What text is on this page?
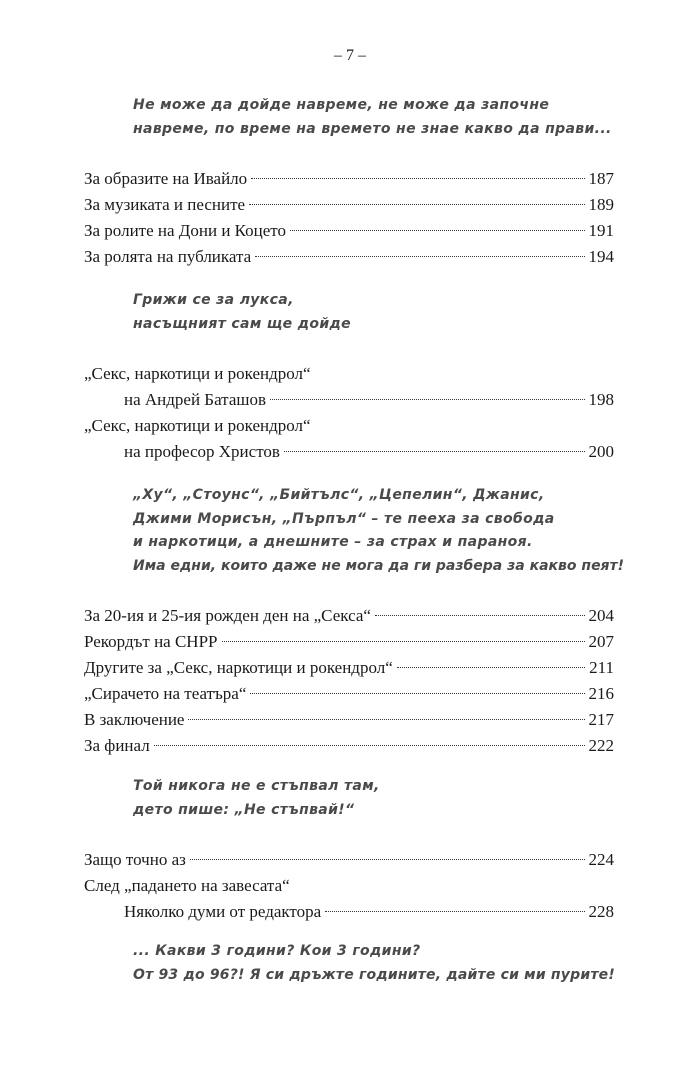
– 7 –
Не може да дойде навреме, не може да започне
навреме, по време на времето не знае какво да прави...
За образите на Ивайло	187
За музиката и песните	189
За ролите на Дони и Коцето	191
За ролята на публиката	194
Грижи се за лукса,
насъщният сам ще дойде
„Секс, наркотици и рокендрол“
на Андрей Баташов	198
„Секс, наркотици и рокендрол“
на професор Христов	200
„Ху“, „Стоунс“, „Бийтълс“, „Цепелин“, Джанис,
Джими Морисън, „Пърпъл“ – те пееха за свобода
и наркотици, а днешните – за страх и параноя.
Има едни, които даже не мога да ги разбера за какво пеят!
За 20-ия и 25-ия рожден ден на „Секса“	204
Рекордът на СНРР	207
Другите за „Секс, наркотици и рокендрол“	211
„Сирачето на театъра“	216
В заключение	217
За финал	222
Той никога не е стъпвал там,
дето пише: „Не стъпвай!“
Защо точно аз	224
След „падането на завесата“
Няколко думи от редактора	228
... Какви 3 години? Кои 3 години?
От 93 до 96?! Я си дръжте годините, дайте си ми пурите!
